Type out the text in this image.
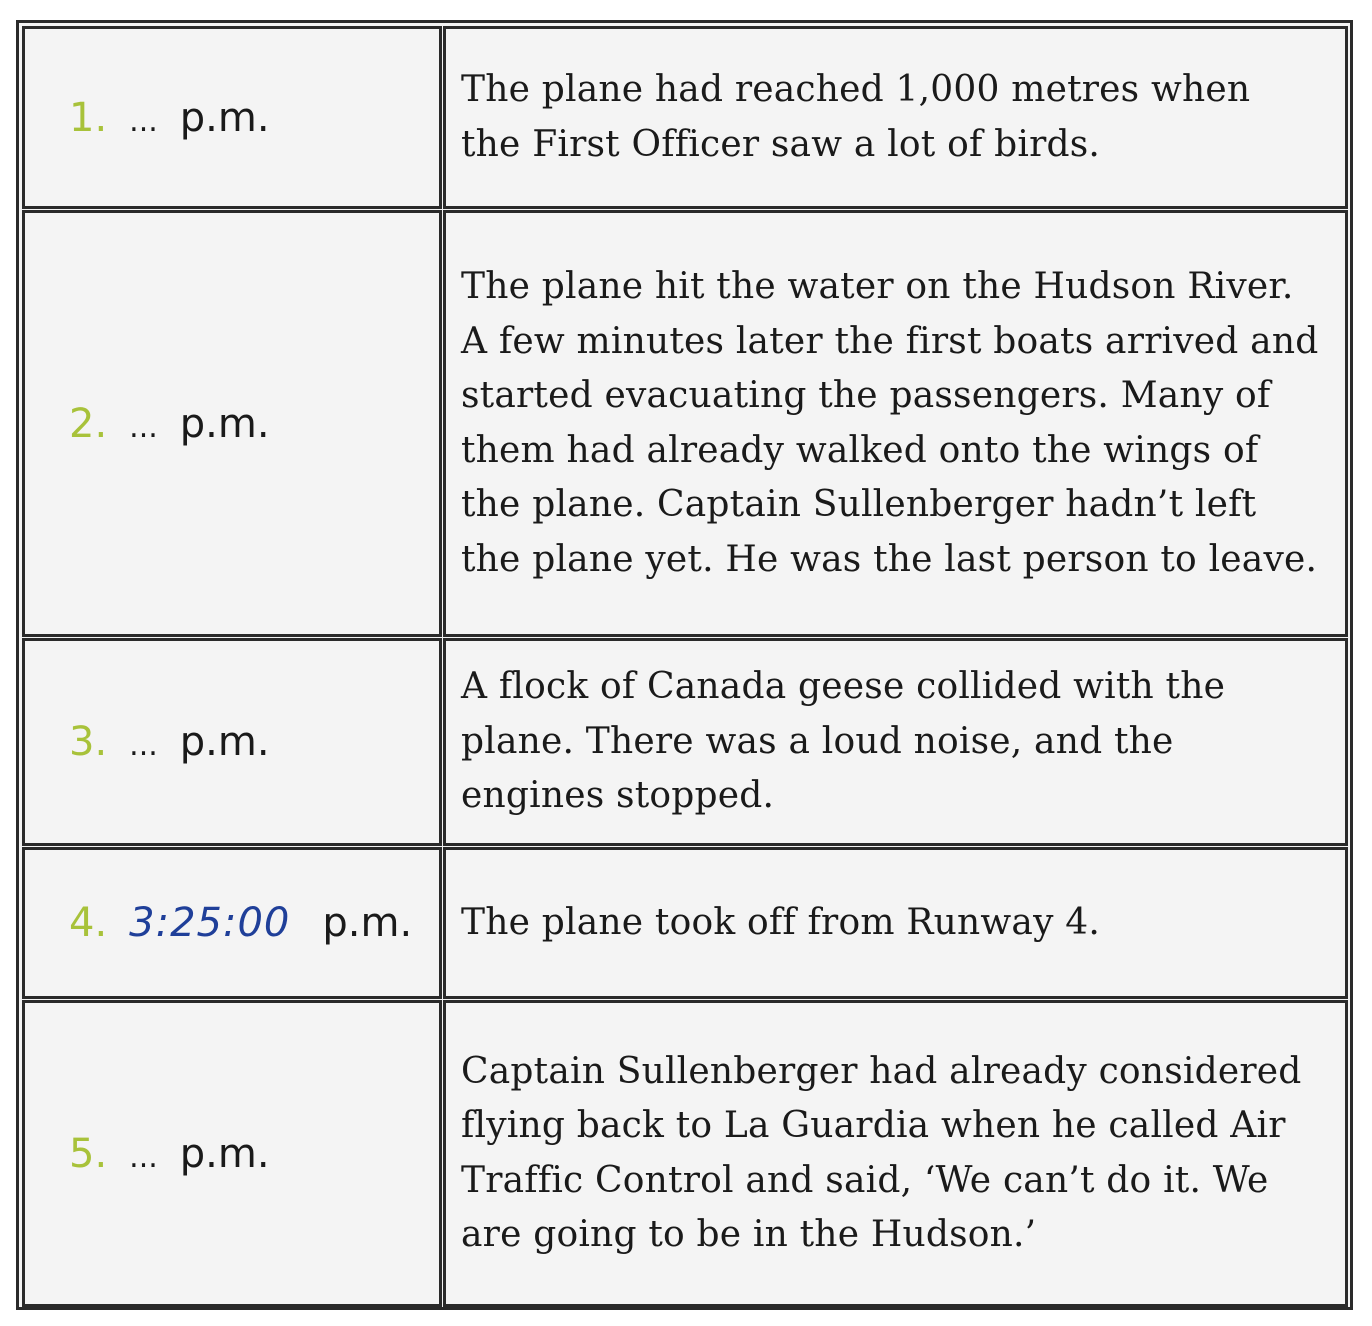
1. ... p.m.
The plane had reached 1,000 metres when the First Officer saw a lot of birds.
2. ... p.m.
The plane hit the water on the Hudson River. A few minutes later the first boats arrived and started evacuating the passengers. Many of them had already walked onto the wings of the plane. Captain Sullenberger hadn’t left the plane yet. He was the last person to leave.
3. ... p.m.
A flock of Canada geese collided with the plane. There was a loud noise, and the engines stopped.
4. 3:25:00 p.m.	The plane took off from Runway 4.
5. ... p.m.
Captain Sullenberger had already considered flying back to La Guardia when he called Air Traffic Control and said, ‘We can’t do it. We are going to be in the Hudson.’
